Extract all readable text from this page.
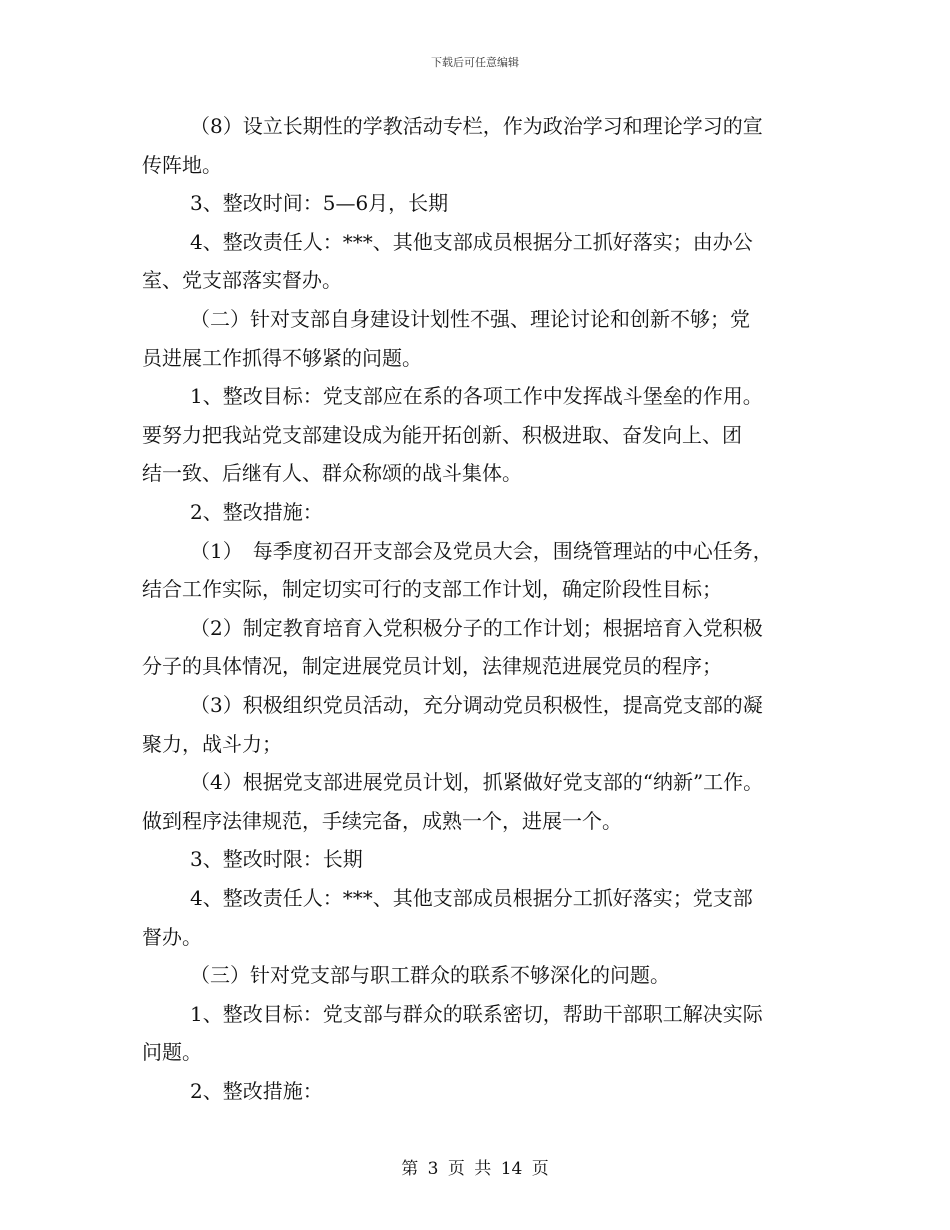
下载后可任意编辑
（8）设立长期性的学教活动专栏，作为政治学习和理论学习的宣
传阵地。
3、整改时间：5—6月，长期
4、整改责任人：***、其他支部成员根据分工抓好落实；由办公
室、党支部落实督办。
（二）针对支部自身建设计划性不强、理论讨论和创新不够；党
员进展工作抓得不够紧的问题。
1、整改目标：党支部应在系的各项工作中发挥战斗堡垒的作用。
要努力把我站党支部建设成为能开拓创新、积极进取、奋发向上、团
结一致、后继有人、群众称颂的战斗集体。
2、整改措施：
（1）　每季度初召开支部会及党员大会，围绕管理站的中心任务，
结合工作实际，制定切实可行的支部工作计划，确定阶段性目标；
（2）制定教育培育入党积极分子的工作计划；根据培育入党积极
分子的具体情况，制定进展党员计划，法律规范进展党员的程序；
（3）积极组织党员活动，充分调动党员积极性，提高党支部的凝
聚力，战斗力；
（4）根据党支部进展党员计划，抓紧做好党支部的“纳新”工作。
做到程序法律规范，手续完备，成熟一个，进展一个。
3、整改时限：长期
4、整改责任人：***、其他支部成员根据分工抓好落实；党支部
督办。
（三）针对党支部与职工群众的联系不够深化的问题。
1、整改目标：党支部与群众的联系密切，帮助干部职工解决实际
问题。
2、整改措施：
第 3 页 共 14 页
